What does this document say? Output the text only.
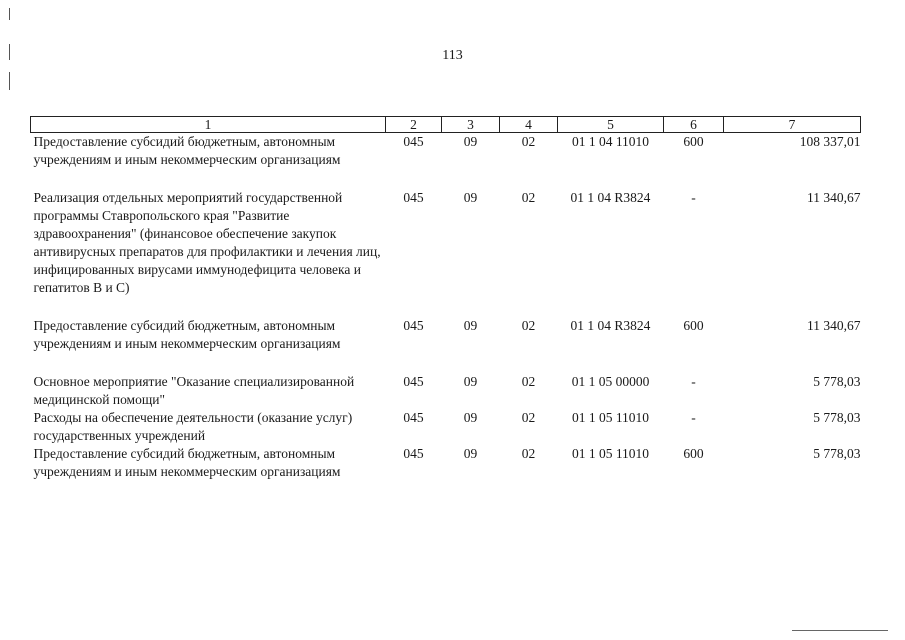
113
1	2	3	4	5	6	7
Предоставление субсидий бюджетным, автономным учреждениям и иным некоммерческим организациям	045	09	02	01 1 04 11010	600	108 337,01
Реализация отдельных мероприятий государственной программы Ставропольского края "Развитие здравоохранения" (финансовое обеспечение закупок антивирусных препаратов для профилактики и лечения лиц, инфицированных вирусами иммунодефицита человека и гепатитов В и С)	045	09	02	01 1 04 R3824	-	11 340,67
Предоставление субсидий бюджетным, автономным учреждениям и иным некоммерческим организациям	045	09	02	01 1 04 R3824	600	11 340,67
Основное мероприятие "Оказание специализированной медицинской помощи"	045	09	02	01 1 05 00000	-	5 778,03
Расходы на обеспечение деятельности (оказание услуг) государственных учреждений	045	09	02	01 1 05 11010	-	5 778,03
Предоставление субсидий бюджетным, автономным учреждениям и иным некоммерческим организациям	045	09	02	01 1 05 11010	600	5 778,03
